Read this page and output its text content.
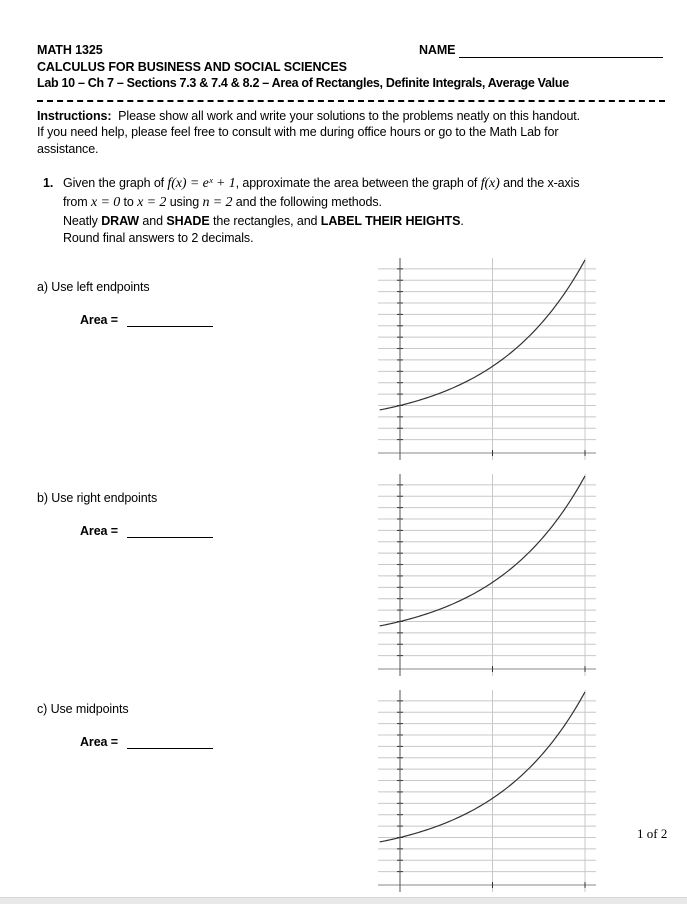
MATH 1325	NAME
CALCULUS FOR BUSINESS AND SOCIAL SCIENCES
Lab 10 – Ch 7 – Sections 7.3 & 7.4 & 8.2 – Area of Rectangles, Definite Integrals, Average Value
Instructions: Please show all work and write your solutions to the problems neatly on this handout.
If you need help, please feel free to consult with me during office hours or go to the Math Lab for
assistance.
1. Given the graph of f(x) = eˣ + 1, approximate the area between the graph of f(x) and the x-axis
from x = 0 to x = 2 using n = 2 and the following methods.
Neatly DRAW and SHADE the rectangles, and LABEL THEIR HEIGHTS.
Round final answers to 2 decimals.
a) Use left endpoints
Area =
b) Use right endpoints
Area =
c) Use midpoints
Area =
1 of 2
